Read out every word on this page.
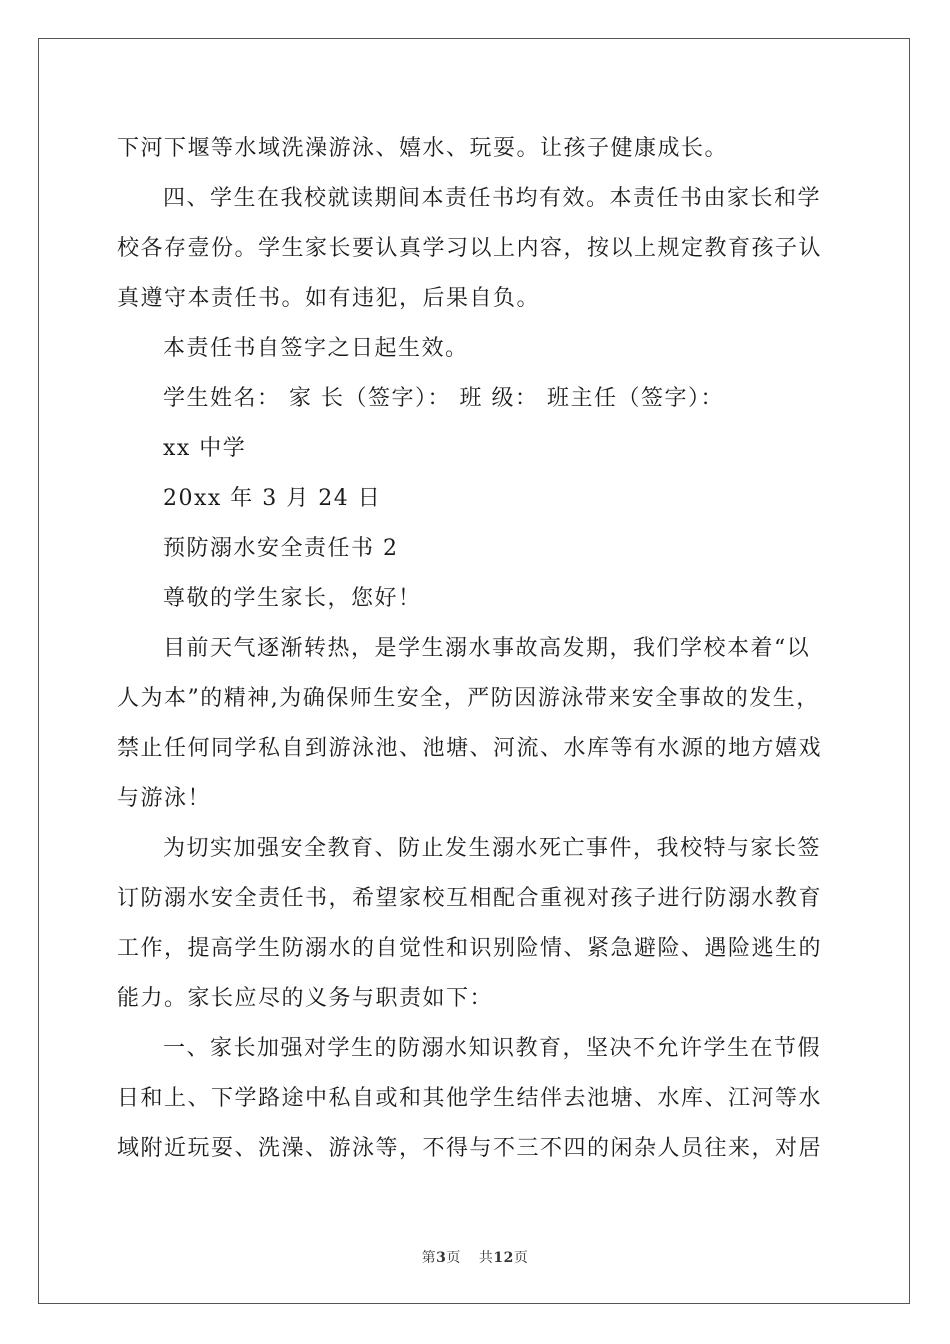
下河下堰等水域洗澡游泳、嬉水、玩耍。让孩子健康成长。
四、学生在我校就读期间本责任书均有效。本责任书由家长和学
校各存壹份。学生家长要认真学习以上内容，按以上规定教育孩子认
真遵守本责任书。如有违犯，后果自负。
本责任书自签字之日起生效。
学生姓名： 家 长（签字）： 班 级： 班主任（签字）：
xx 中学
20xx 年 3 月 24 日
预防溺水安全责任书 2
尊敬的学生家长，您好！
目前天气逐渐转热，是学生溺水事故高发期，我们学校本着“以
人为本”的精神,为确保师生安全，严防因游泳带来安全事故的发生，
禁止任何同学私自到游泳池、池塘、河流、水库等有水源的地方嬉戏
与游泳！
为切实加强安全教育、防止发生溺水死亡事件，我校特与家长签
订防溺水安全责任书，希望家校互相配合重视对孩子进行防溺水教育
工作，提高学生防溺水的自觉性和识别险情、紧急避险、遇险逃生的
能力。家长应尽的义务与职责如下：
一、家长加强对学生的防溺水知识教育，坚决不允许学生在节假
日和上、下学路途中私自或和其他学生结伴去池塘、水库、江河等水
域附近玩耍、洗澡、游泳等，不得与不三不四的闲杂人员往来，对居
第3页 共12页
